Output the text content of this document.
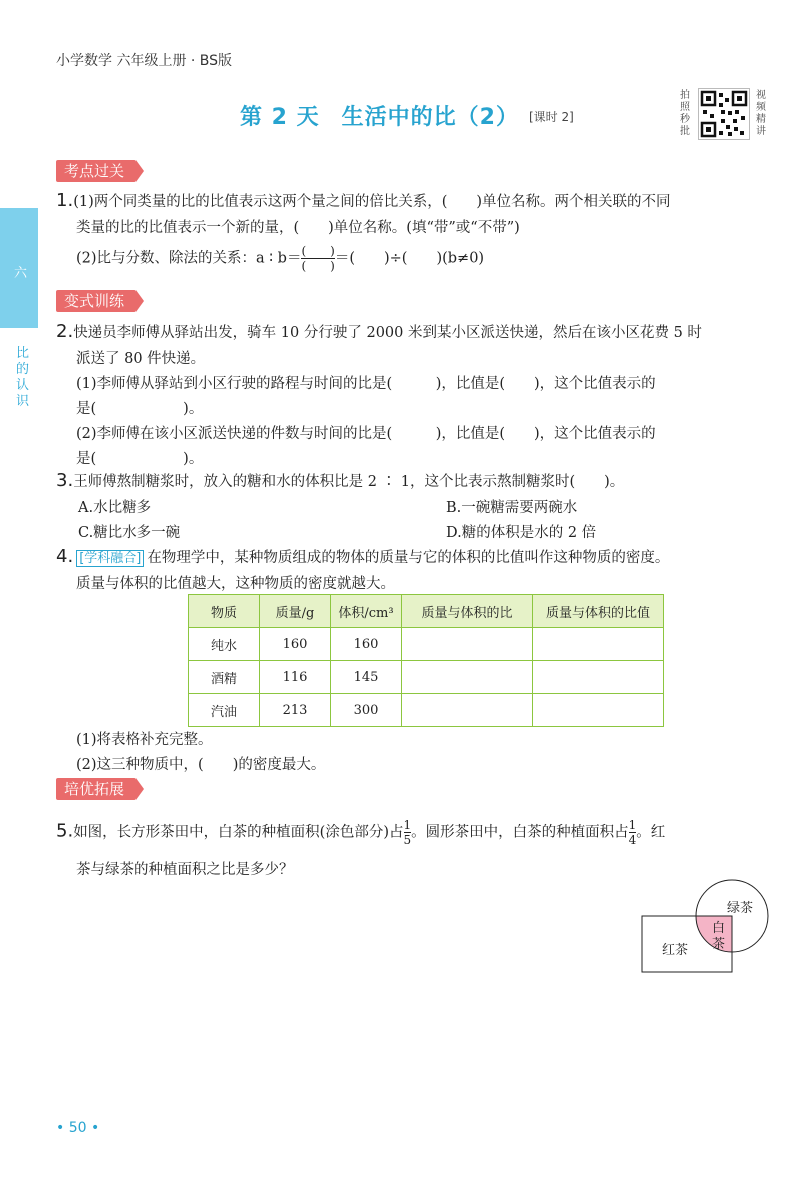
小学数学 六年级上册 · BS版
第 2 天 生活中的比（2） [课时 2]
拍照秒批
视频精讲
六
比的认识
考点过关
1.(1)两个同类量的比的比值表示这两个量之间的倍比关系，(　　)单位名称。两个相关联的不同
类量的比的比值表示一个新的量，(　　)单位名称。(填“带”或“不带”)
(2)比与分数、除法的关系：a ∶ $b=\frac{( )}{( )}$ ＝(　　)÷(　　)(b≠0)
变式训练
2.快递员李师傅从驿站出发，骑车 10 分行驶了 2000 米到某小区派送快递，然后在该小区花费 5 时
派送了 80 件快递。
(1)李师傅从驿站到小区行驶的路程与时间的比是(　　　)，比值是(　　)，这个比值表示的
是(　　　　　　)。
(2)李师傅在该小区派送快递的件数与时间的比是(　　　)，比值是(　　)，这个比值表示的
是(　　　　　　)。
3.王师傅熬制糖浆时，放入的糖和水的体积比是 2 ∶ 1，这个比表示熬制糖浆时(　　)。
A.水比糖多	B.一碗糖需要两碗水
C.糖比水多一碗	D.糖的体积是水的 2 倍
4. [学科融合] 在物理学中，某种物质组成的物体的质量与它的体积的比值叫作这种物质的密度。
质量与体积的比值越大，这种物质的密度就越大。
物质	质量/g	体积/cm³	质量与体积的比	质量与体积的比值
纯水	160	160		
酒精	116	145		
汽油	213	300		
(1)将表格补充完整。
(2)这三种物质中，(　　)的密度最大。
培优拓展
5.如图，长方形茶田中，白茶的种植面积(涂色部分)占$\frac{1}{5}$ 。圆形茶田中，白茶的种植面积占$\frac{1}{4}$ 。红
茶与绿茶的种植面积之比是多少？
绿茶
白
茶
红茶
• 50 •
